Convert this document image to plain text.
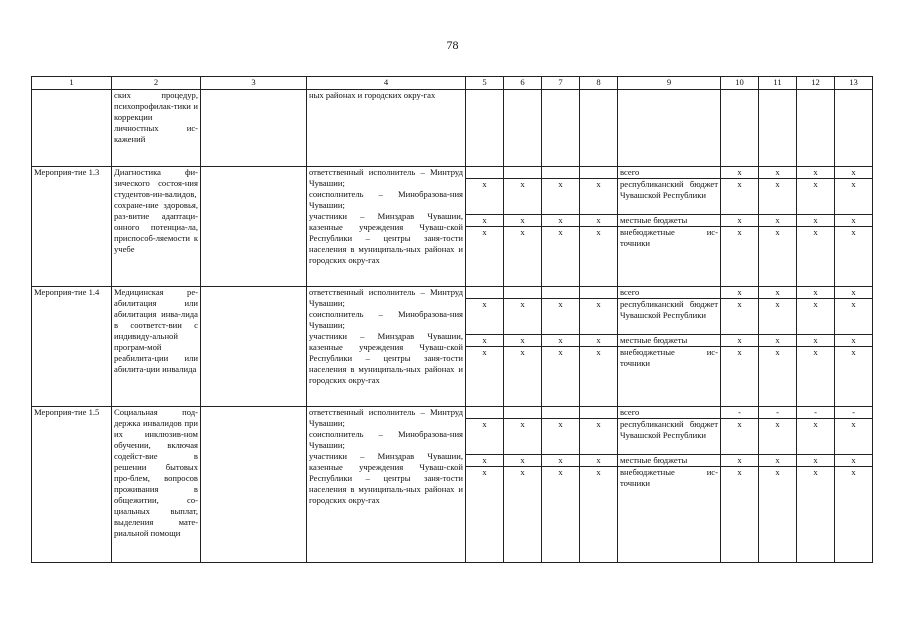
78
1	2	3	4	5	6	7	8	9	10	11	12	13
	ских процедур, психопрофилак-тики и коррекции личностных ис-кажений		ных районах и городских окру-гах									
Мероприя-тие 1.3	Диагностика фи-зического состоя-ния студентов-ин-валидов, сохране-ние здоровья, раз-витие адаптаци-онного потенциа-ла, приспособ-ляемости к учебе		ответственный исполнитель – Минтруд Чувашии;
соисполнитель – Минобразова-ния Чувашии;
участники – Минздрав Чувашии, казенные учреждения Чуваш-ской Республики – центры заня-тости населения в муниципаль-ных районах и городских окру-гах					всего	x	x	x	x
				x	x	x	x	республиканский бюджет Чувашской Республики	x	x	x	x
				x	x	x	x	местные бюджеты	x	x	x	x
				x	x	x	x	внебюджетные ис-точники	x	x	x	x
Мероприя-тие 1.4	Медицинская ре-абилитация или абилитация инва-лида в соответст-вии с индивиду-альной програм-мой реабилита-ции или абилита-ции инвалида		ответственный исполнитель – Минтруд Чувашии;
соисполнитель – Минобразова-ния Чувашии;
участники – Минздрав Чувашии, казенные учреждения Чуваш-ской Республики – центры заня-тости населения в муниципаль-ных районах и городских окру-гах					всего	x	x	x	x
				x	x	x	x	республиканский бюджет Чувашской Республики	x	x	x	x
				x	x	x	x	местные бюджеты	x	x	x	x
				x	x	x	x	внебюджетные ис-точники	x	x	x	x
Мероприя-тие 1.5	Социальная под-держка инвалидов при их инклюзив-ном обучении, включая содейст-вие в решении бытовых про-блем, вопросов проживания в общежитии, со-циальных выплат, выделения мате-риальной помощи		ответственный исполнитель – Минтруд Чувашии;
соисполнитель – Минобразова-ния Чувашии;
участники – Минздрав Чувашии, казенные учреждения Чуваш-ской Республики – центры заня-тости населения в муниципаль-ных районах и городских окру-гах					всего	-	-	-	-
				x	x	x	x	республиканский бюджет Чувашской Республики	x	x	x	x
				x	x	x	x	местные бюджеты	x	x	x	x
				x	x	x	x	внебюджетные ис-точники	x	x	x	x
